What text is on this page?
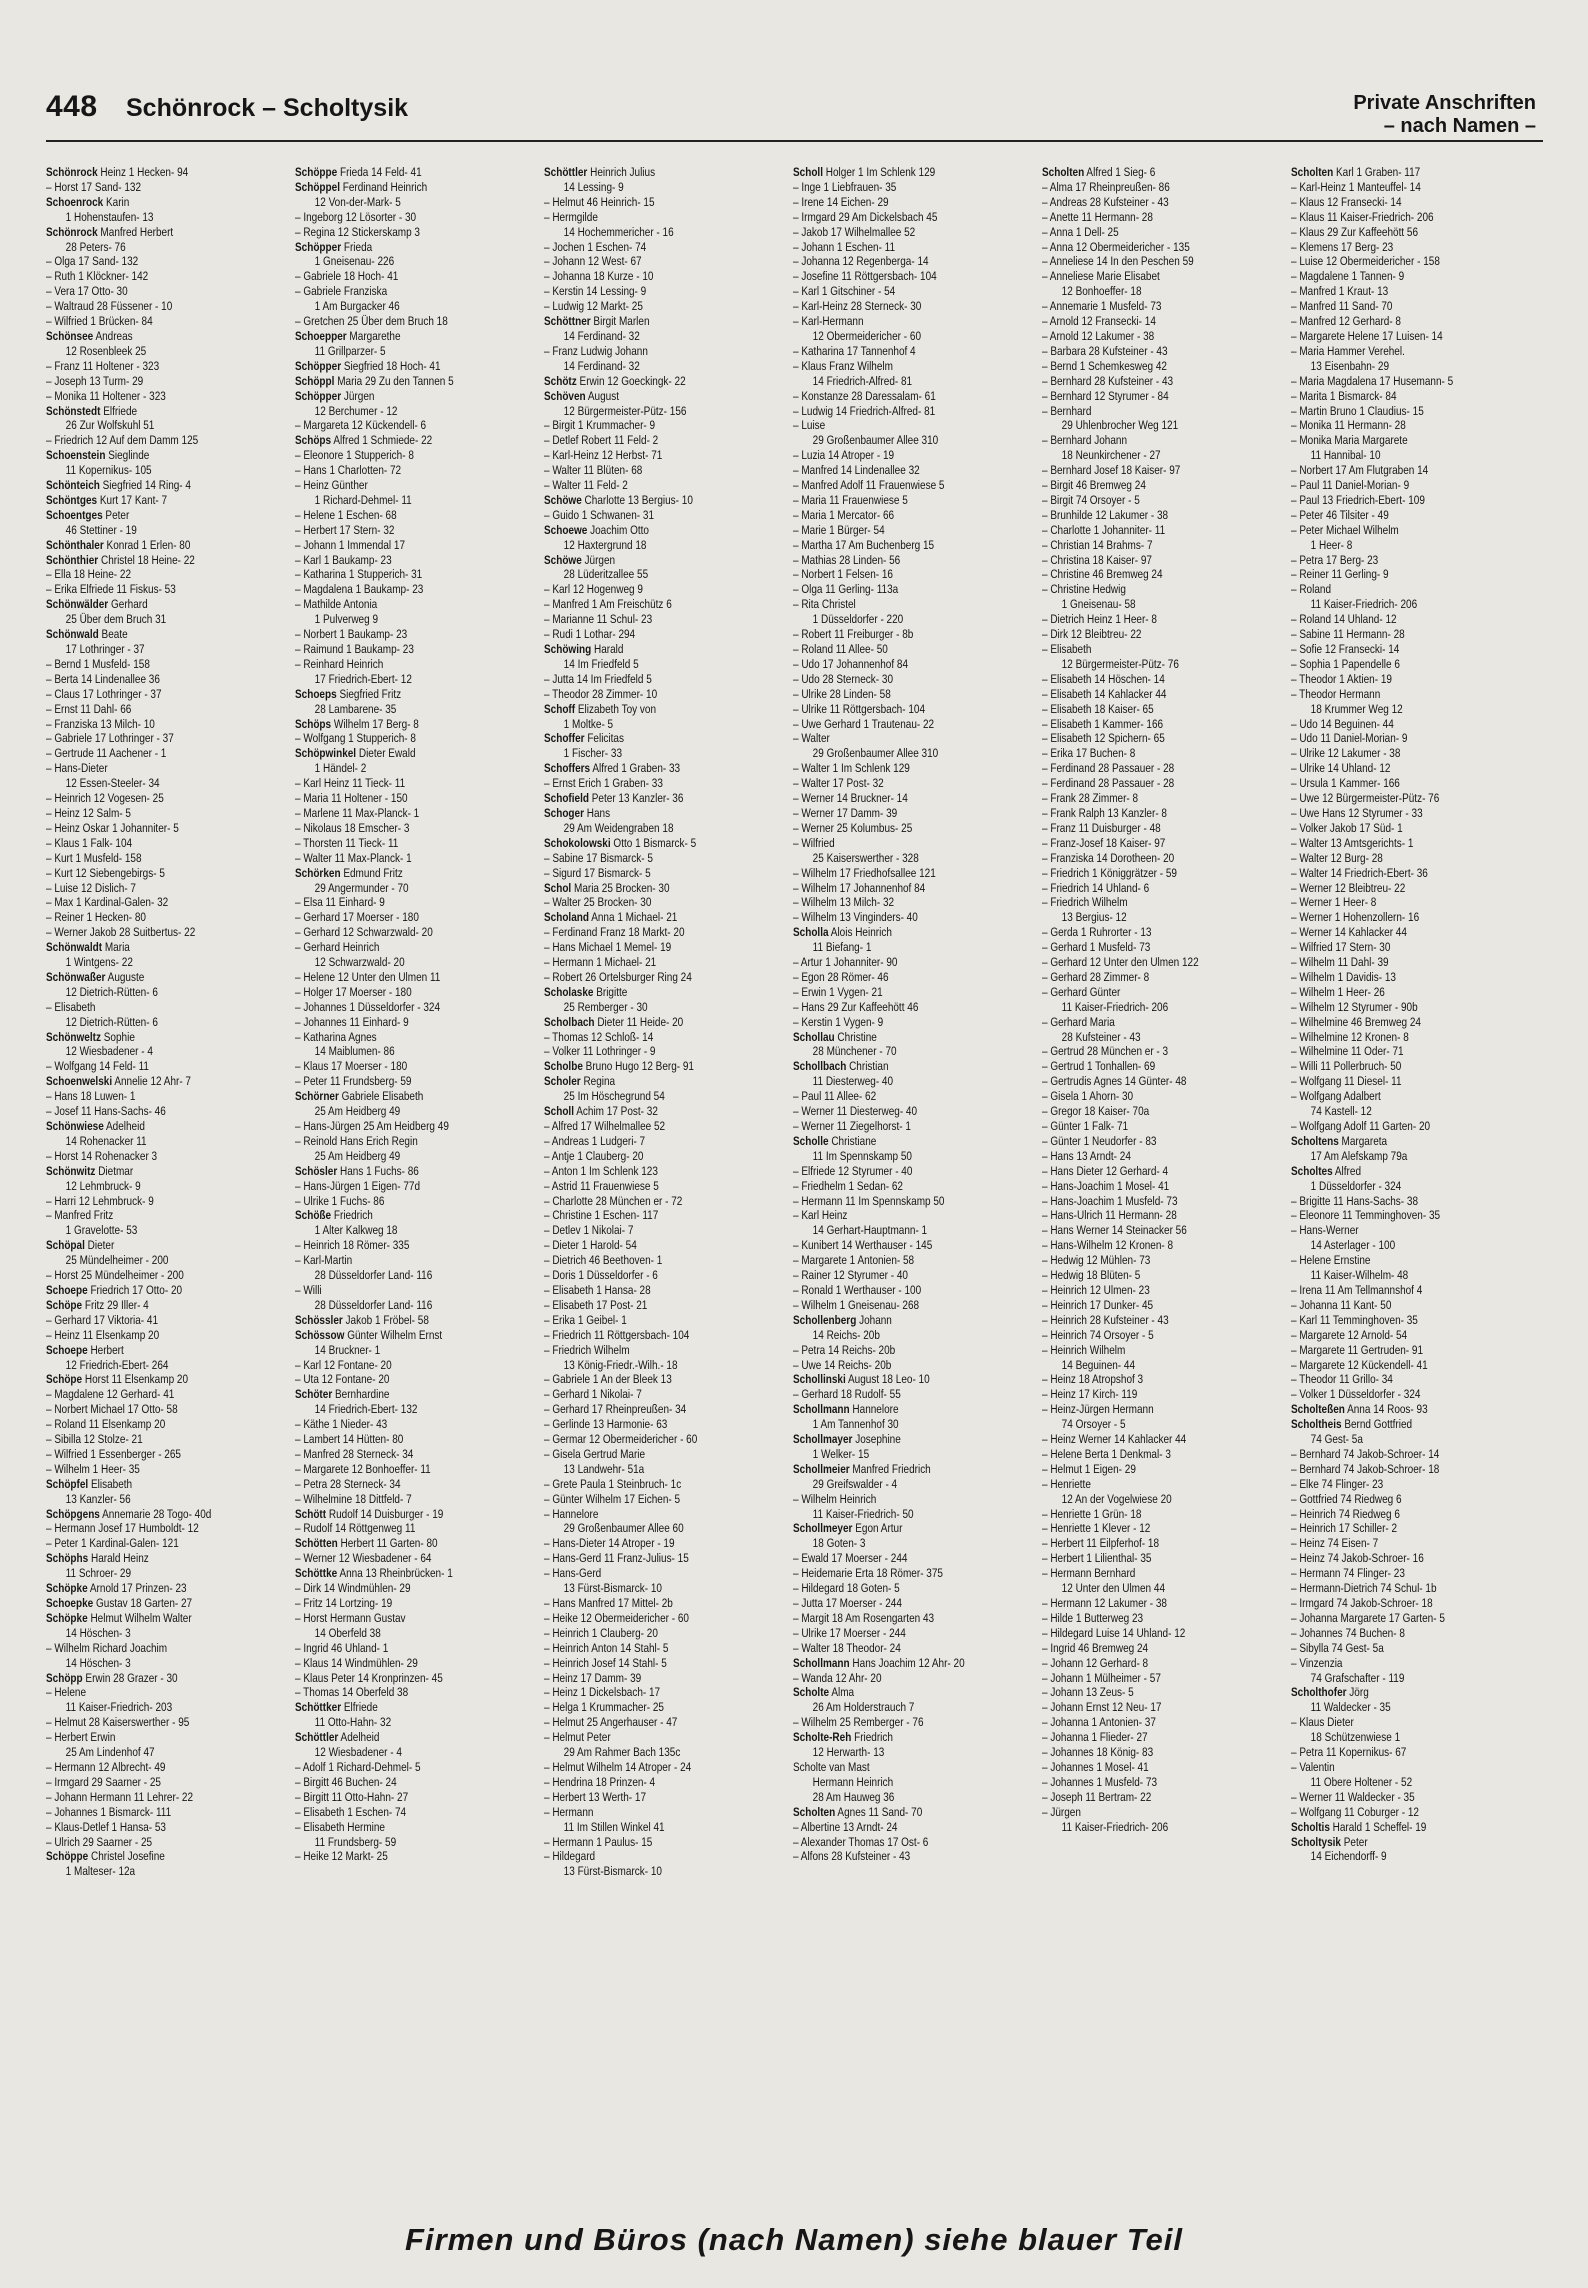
448 Schönrock – Scholtysik	Private Anschriften
– nach Namen –
Schönrock Heinz 1 Hecken- 94
– Horst 17 Sand- 132
Schoenrock Karin
1 Hohenstaufen- 13
Schönrock Manfred Herbert
28 Peters- 76
– Olga 17 Sand- 132
– Ruth 1 Klöckner- 142
– Vera 17 Otto- 30
– Waltraud 28 Füssener - 10
– Wilfried 1 Brücken- 84
Schönsee Andreas
12 Rosenbleek 25
– Franz 11 Holtener - 323
– Joseph 13 Turm- 29
– Monika 11 Holtener - 323
Schönstedt Elfriede
26 Zur Wolfskuhl 51
– Friedrich 12 Auf dem Damm 125
Schoenstein Sieglinde
11 Kopernikus- 105
Schönteich Siegfried 14 Ring- 4
Schöntges Kurt 17 Kant- 7
Schoentges Peter
46 Stettiner - 19
Schönthaler Konrad 1 Erlen- 80
Schönthier Christel 18 Heine- 22
– Ella 18 Heine- 22
– Erika Elfriede 11 Fiskus- 53
Schönwälder Gerhard
25 Über dem Bruch 31
Schönwald Beate
17 Lothringer - 37
– Bernd 1 Musfeld- 158
– Berta 14 Lindenallee 36
– Claus 17 Lothringer - 37
– Ernst 11 Dahl- 66
– Franziska 13 Milch- 10
– Gabriele 17 Lothringer - 37
– Gertrude 11 Aachener - 1
– Hans-Dieter
12 Essen-Steeler- 34
– Heinrich 12 Vogesen- 25
– Heinz 12 Salm- 5
– Heinz Oskar 1 Johanniter- 5
– Klaus 1 Falk- 104
– Kurt 1 Musfeld- 158
– Kurt 12 Siebengebirgs- 5
– Luise 12 Dislich- 7
– Max 1 Kardinal-Galen- 32
– Reiner 1 Hecken- 80
– Werner Jakob 28 Suitbertus- 22
Schönwaldt Maria
1 Wintgens- 22
Schönwaßer Auguste
12 Dietrich-Rütten- 6
– Elisabeth
12 Dietrich-Rütten- 6
Schönweltz Sophie
12 Wiesbadener - 4
– Wolfgang 14 Feld- 11
Schoenwelski Annelie 12 Ahr- 7
– Hans 18 Luwen- 1
– Josef 11 Hans-Sachs- 46
Schönwiese Adelheid
14 Rohenacker 11
– Horst 14 Rohenacker 3
Schönwitz Dietmar
12 Lehmbruck- 9
– Harri 12 Lehmbruck- 9
– Manfred Fritz
1 Gravelotte- 53
Schöpal Dieter
25 Mündelheimer - 200
– Horst 25 Mündelheimer - 200
Schoepe Friedrich 17 Otto- 20
Schöpe Fritz 29 Iller- 4
– Gerhard 17 Viktoria- 41
– Heinz 11 Elsenkamp 20
Schoepe Herbert
12 Friedrich-Ebert- 264
Schöpe Horst 11 Elsenkamp 20
– Magdalene 12 Gerhard- 41
– Norbert Michael 17 Otto- 58
– Roland 11 Elsenkamp 20
– Sibilla 12 Stolze- 21
– Wilfried 1 Essenberger - 265
– Wilhelm 1 Heer- 35
Schöpfel Elisabeth
13 Kanzler- 56
Schöpgens Annemarie 28 Togo- 40d
– Hermann Josef 17 Humboldt- 12
– Peter 1 Kardinal-Galen- 121
Schöphs Harald Heinz
11 Schroer- 29
Schöpke Arnold 17 Prinzen- 23
Schoepke Gustav 18 Garten- 27
Schöpke Helmut Wilhelm Walter
14 Höschen- 3
– Wilhelm Richard Joachim
14 Höschen- 3
Schöpp Erwin 28 Grazer - 30
– Helene
11 Kaiser-Friedrich- 203
– Helmut 28 Kaiserswerther - 95
– Herbert Erwin
25 Am Lindenhof 47
– Hermann 12 Albrecht- 49
– Irmgard 29 Saarner - 25
– Johann Hermann 11 Lehrer- 22
– Johannes 1 Bismarck- 111
– Klaus-Detlef 1 Hansa- 53
– Ulrich 29 Saarner - 25
Schöppe Christel Josefine
1 Malteser- 12a
Schöppe Frieda 14 Feld- 41
Schöppel Ferdinand Heinrich
12 Von-der-Mark- 5
– Ingeborg 12 Lösorter - 30
– Regina 12 Stickerskamp 3
Schöpper Frieda
1 Gneisenau- 226
– Gabriele 18 Hoch- 41
– Gabriele Franziska
1 Am Burgacker 46
– Gretchen 25 Über dem Bruch 18
Schoepper Margarethe
11 Grillparzer- 5
Schöpper Siegfried 18 Hoch- 41
Schöppl Maria 29 Zu den Tannen 5
Schöpper Jürgen
12 Berchumer - 12
– Margareta 12 Kückendell- 6
Schöps Alfred 1 Schmiede- 22
– Eleonore 1 Stupperich- 8
– Hans 1 Charlotten- 72
– Heinz Günther
1 Richard-Dehmel- 11
– Helene 1 Eschen- 68
– Herbert 17 Stern- 32
– Johann 1 Immendal 17
– Karl 1 Baukamp- 23
– Katharina 1 Stupperich- 31
– Magdalena 1 Baukamp- 23
– Mathilde Antonia
1 Pulverweg 9
– Norbert 1 Baukamp- 23
– Raimund 1 Baukamp- 23
– Reinhard Heinrich
17 Friedrich-Ebert- 12
Schoeps Siegfried Fritz
28 Lambarene- 35
Schöps Wilhelm 17 Berg- 8
– Wolfgang 1 Stupperich- 8
Schöpwinkel Dieter Ewald
1 Händel- 2
– Karl Heinz 11 Tieck- 11
– Maria 11 Holtener - 150
– Marlene 11 Max-Planck- 1
– Nikolaus 18 Emscher- 3
– Thorsten 11 Tieck- 11
– Walter 11 Max-Planck- 1
Schörken Edmund Fritz
29 Angermunder - 70
– Elsa 11 Einhard- 9
– Gerhard 17 Moerser - 180
– Gerhard 12 Schwarzwald- 20
– Gerhard Heinrich
12 Schwarzwald- 20
– Helene 12 Unter den Ulmen 11
– Holger 17 Moerser - 180
– Johannes 1 Düsseldorfer - 324
– Johannes 11 Einhard- 9
– Katharina Agnes
14 Maiblumen- 86
– Klaus 17 Moerser - 180
– Peter 11 Frundsberg- 59
Schörner Gabriele Elisabeth
25 Am Heidberg 49
– Hans-Jürgen 25 Am Heidberg 49
– Reinold Hans Erich Regin
25 Am Heidberg 49
Schösler Hans 1 Fuchs- 86
– Hans-Jürgen 1 Eigen- 77d
– Ulrike 1 Fuchs- 86
Schöße Friedrich
1 Alter Kalkweg 18
– Heinrich 18 Römer- 335
– Karl-Martin
28 Düsseldorfer Land- 116
– Willi
28 Düsseldorfer Land- 116
Schössler Jakob 1 Fröbel- 58
Schössow Günter Wilhelm Ernst
14 Bruckner- 1
– Karl 12 Fontane- 20
– Uta 12 Fontane- 20
Schöter Bernhardine
14 Friedrich-Ebert- 132
– Käthe 1 Nieder- 43
– Lambert 14 Hütten- 80
– Manfred 28 Sterneck- 34
– Margarete 12 Bonhoeffer- 11
– Petra 28 Sterneck- 34
– Wilhelmine 18 Dittfeld- 7
Schött Rudolf 14 Duisburger - 19
– Rudolf 14 Röttgenweg 11
Schötten Herbert 11 Garten- 80
– Werner 12 Wiesbadener - 64
Schöttke Anna 13 Rheinbrücken- 1
– Dirk 14 Windmühlen- 29
– Fritz 14 Lortzing- 19
– Horst Hermann Gustav
14 Oberfeld 38
– Ingrid 46 Uhland- 1
– Klaus 14 Windmühlen- 29
– Klaus Peter 14 Kronprinzen- 45
– Thomas 14 Oberfeld 38
Schöttker Elfriede
11 Otto-Hahn- 32
Schöttler Adelheid
12 Wiesbadener - 4
– Adolf 1 Richard-Dehmel- 5
– Birgitt 46 Buchen- 24
– Birgitt 11 Otto-Hahn- 27
– Elisabeth 1 Eschen- 74
– Elisabeth Hermine
11 Frundsberg- 59
– Heike 12 Markt- 25
Schöttler Heinrich Julius
14 Lessing- 9
– Helmut 46 Heinrich- 15
– Hermgilde
14 Hochemmericher - 16
– Jochen 1 Eschen- 74
– Johann 12 West- 67
– Johanna 18 Kurze - 10
– Kerstin 14 Lessing- 9
– Ludwig 12 Markt- 25
Schöttner Birgit Marlen
14 Ferdinand- 32
– Franz Ludwig Johann
14 Ferdinand- 32
Schötz Erwin 12 Goeckingk- 22
Schöven August
12 Bürgermeister-Pütz- 156
– Birgit 1 Krummacher- 9
– Detlef Robert 11 Feld- 2
– Karl-Heinz 12 Herbst- 71
– Walter 11 Blüten- 68
– Walter 11 Feld- 2
Schöwe Charlotte 13 Bergius- 10
– Guido 1 Schwanen- 31
Schoewe Joachim Otto
12 Haxtergrund 18
Schöwe Jürgen
28 Lüderitzallee 55
– Karl 12 Hogenweg 9
– Manfred 1 Am Freischütz 6
– Marianne 11 Schul- 23
– Rudi 1 Lothar- 294
Schöwing Harald
14 Im Friedfeld 5
– Jutta 14 Im Friedfeld 5
– Theodor 28 Zimmer- 10
Schoff Elizabeth Toy von
1 Moltke- 5
Schoffer Felicitas
1 Fischer- 33
Schoffers Alfred 1 Graben- 33
– Ernst Erich 1 Graben- 33
Schofield Peter 13 Kanzler- 36
Schoger Hans
29 Am Weidengraben 18
Schokolowski Otto 1 Bismarck- 5
– Sabine 17 Bismarck- 5
– Sigurd 17 Bismarck- 5
Schol Maria 25 Brocken- 30
– Walter 25 Brocken- 30
Scholand Anna 1 Michael- 21
– Ferdinand Franz 18 Markt- 20
– Hans Michael 1 Memel- 19
– Hermann 1 Michael- 21
– Robert 26 Ortelsburger Ring 24
Scholaske Brigitte
25 Remberger - 30
Scholbach Dieter 11 Heide- 20
– Thomas 12 Schloß- 14
– Volker 11 Lothringer - 9
Scholbe Bruno Hugo 12 Berg- 91
Scholer Regina
25 Im Höschegrund 54
Scholl Achim 17 Post- 32
– Alfred 17 Wilhelmallee 52
– Andreas 1 Ludgeri- 7
– Antje 1 Clauberg- 20
– Anton 1 Im Schlenk 123
– Astrid 11 Frauenwiese 5
– Charlotte 28 München er - 72
– Christine 1 Eschen- 117
– Detlev 1 Nikolai- 7
– Dieter 1 Harold- 54
– Dietrich 46 Beethoven- 1
– Doris 1 Düsseldorfer - 6
– Elisabeth 1 Hansa- 28
– Elisabeth 17 Post- 21
– Erika 1 Geibel- 1
– Friedrich 11 Röttgersbach- 104
– Friedrich Wilhelm
13 König-Friedr.-Wilh.- 18
– Gabriele 1 An der Bleek 13
– Gerhard 1 Nikolai- 7
– Gerhard 17 Rheinpreußen- 34
– Gerlinde 13 Harmonie- 63
– Germar 12 Obermeidericher - 60
– Gisela Gertrud Marie
13 Landwehr- 51a
– Grete Paula 1 Steinbruch- 1c
– Günter Wilhelm 17 Eichen- 5
– Hannelore
29 Großenbaumer Allee 60
– Hans-Dieter 14 Atroper - 19
– Hans-Gerd 11 Franz-Julius- 15
– Hans-Gerd
13 Fürst-Bismarck- 10
– Hans Manfred 17 Mittel- 2b
– Heike 12 Obermeidericher - 60
– Heinrich 1 Clauberg- 20
– Heinrich Anton 14 Stahl- 5
– Heinrich Josef 14 Stahl- 5
– Heinz 17 Damm- 39
– Heinz 1 Dickelsbach- 17
– Helga 1 Krummacher- 25
– Helmut 25 Angerhauser - 47
– Helmut Peter
29 Am Rahmer Bach 135c
– Helmut Wilhelm 14 Atroper - 24
– Hendrina 18 Prinzen- 4
– Herbert 13 Werth- 17
– Hermann
11 Im Stillen Winkel 41
– Hermann 1 Paulus- 15
– Hildegard
13 Fürst-Bismarck- 10
Scholl Holger 1 Im Schlenk 129
– Inge 1 Liebfrauen- 35
– Irene 14 Eichen- 29
– Irmgard 29 Am Dickelsbach 45
– Jakob 17 Wilhelmallee 52
– Johann 1 Eschen- 11
– Johanna 12 Regenberga- 14
– Josefine 11 Röttgersbach- 104
– Karl 1 Gitschiner - 54
– Karl-Heinz 28 Sterneck- 30
– Karl-Hermann
12 Obermeidericher - 60
– Katharina 17 Tannenhof 4
– Klaus Franz Wilhelm
14 Friedrich-Alfred- 81
– Konstanze 28 Daressalam- 61
– Ludwig 14 Friedrich-Alfred- 81
– Luise
29 Großenbaumer Allee 310
– Luzia 14 Atroper - 19
– Manfred 14 Lindenallee 32
– Manfred Adolf 11 Frauenwiese 5
– Maria 11 Frauenwiese 5
– Maria 1 Mercator- 66
– Marie 1 Bürger- 54
– Martha 17 Am Buchenberg 15
– Mathias 28 Linden- 56
– Norbert 1 Felsen- 16
– Olga 11 Gerling- 113a
– Rita Christel
1 Düsseldorfer - 220
– Robert 11 Freiburger - 8b
– Roland 11 Allee- 50
– Udo 17 Johannenhof 84
– Udo 28 Sterneck- 30
– Ulrike 28 Linden- 58
– Ulrike 11 Röttgersbach- 104
– Uwe Gerhard 1 Trautenau- 22
– Walter
29 Großenbaumer Allee 310
– Walter 1 Im Schlenk 129
– Walter 17 Post- 32
– Werner 14 Bruckner- 14
– Werner 17 Damm- 39
– Werner 25 Kolumbus- 25
– Wilfried
25 Kaiserswerther - 328
– Wilhelm 17 Friedhofsallee 121
– Wilhelm 17 Johannenhof 84
– Wilhelm 13 Milch- 32
– Wilhelm 13 Vinginders- 40
Scholla Alois Heinrich
11 Biefang- 1
– Artur 1 Johanniter- 90
– Egon 28 Römer- 46
– Erwin 1 Vygen- 21
– Hans 29 Zur Kaffeehött 46
– Kerstin 1 Vygen- 9
Schollau Christine
28 Münchener - 70
Schollbach Christian
11 Diesterweg- 40
– Paul 11 Allee- 62
– Werner 11 Diesterweg- 40
– Werner 11 Ziegelhorst- 1
Scholle Christiane
11 Im Spennskamp 50
– Elfriede 12 Styrumer - 40
– Friedhelm 1 Sedan- 62
– Hermann 11 Im Spennskamp 50
– Karl Heinz
14 Gerhart-Hauptmann- 1
– Kunibert 14 Werthauser - 145
– Margarete 1 Antonien- 58
– Rainer 12 Styrumer - 40
– Ronald 1 Werthauser - 100
– Wilhelm 1 Gneisenau- 268
Schollenberg Johann
14 Reichs- 20b
– Petra 14 Reichs- 20b
– Uwe 14 Reichs- 20b
Schollinski August 18 Leo- 10
– Gerhard 18 Rudolf- 55
Schollmann Hannelore
1 Am Tannenhof 30
Schollmayer Josephine
1 Welker- 15
Schollmeier Manfred Friedrich
29 Greifswalder - 4
– Wilhelm Heinrich
11 Kaiser-Friedrich- 50
Schollmeyer Egon Artur
18 Goten- 3
– Ewald 17 Moerser - 244
– Heidemarie Erta 18 Römer- 375
– Hildegard 18 Goten- 5
– Jutta 17 Moerser - 244
– Margit 18 Am Rosengarten 43
– Ulrike 17 Moerser - 244
– Walter 18 Theodor- 24
Schollmann Hans Joachim 12 Ahr- 20
– Wanda 12 Ahr- 20
Scholte Alma
26 Am Holderstrauch 7
– Wilhelm 25 Remberger - 76
Scholte-Reh Friedrich
12 Herwarth- 13
Scholte van Mast
Hermann Heinrich
28 Am Hauweg 36
Scholten Agnes 11 Sand- 70
– Albertine 13 Arndt- 24
– Alexander Thomas 17 Ost- 6
– Alfons 28 Kufsteiner - 43
Scholten Alfred 1 Sieg- 6
– Alma 17 Rheinpreußen- 86
– Andreas 28 Kufsteiner - 43
– Anette 11 Hermann- 28
– Anna 1 Dell- 25
– Anna 12 Obermeidericher - 135
– Anneliese 14 In den Peschen 59
– Anneliese Marie Elisabet
12 Bonhoeffer- 18
– Annemarie 1 Musfeld- 73
– Arnold 12 Fransecki- 14
– Arnold 12 Lakumer - 38
– Barbara 28 Kufsteiner - 43
– Bernd 1 Schemkesweg 42
– Bernhard 28 Kufsteiner - 43
– Bernhard 12 Styrumer - 84
– Bernhard
29 Uhlenbrocher Weg 121
– Bernhard Johann
18 Neunkirchener - 27
– Bernhard Josef 18 Kaiser- 97
– Birgit 46 Bremweg 24
– Birgit 74 Orsoyer - 5
– Brunhilde 12 Lakumer - 38
– Charlotte 1 Johanniter- 11
– Christian 14 Brahms- 7
– Christina 18 Kaiser- 97
– Christine 46 Bremweg 24
– Christine Hedwig
1 Gneisenau- 58
– Dietrich Heinz 1 Heer- 8
– Dirk 12 Bleibtreu- 22
– Elisabeth
12 Bürgermeister-Pütz- 76
– Elisabeth 14 Höschen- 14
– Elisabeth 14 Kahlacker 44
– Elisabeth 18 Kaiser- 65
– Elisabeth 1 Kammer- 166
– Elisabeth 12 Spichern- 65
– Erika 17 Buchen- 8
– Ferdinand 28 Passauer - 28
– Ferdinand 28 Passauer - 28
– Frank 28 Zimmer- 8
– Frank Ralph 13 Kanzler- 8
– Franz 11 Duisburger - 48
– Franz-Josef 18 Kaiser- 97
– Franziska 14 Dorotheen- 20
– Friedrich 1 Königgrätzer - 59
– Friedrich 14 Uhland- 6
– Friedrich Wilhelm
13 Bergius- 12
– Gerda 1 Ruhrorter - 13
– Gerhard 1 Musfeld- 73
– Gerhard 12 Unter den Ulmen 122
– Gerhard 28 Zimmer- 8
– Gerhard Günter
11 Kaiser-Friedrich- 206
– Gerhard Maria
28 Kufsteiner - 43
– Gertrud 28 München er - 3
– Gertrud 1 Tonhallen- 69
– Gertrudis Agnes 14 Günter- 48
– Gisela 1 Ahorn- 30
– Gregor 18 Kaiser- 70a
– Günter 1 Falk- 71
– Günter 1 Neudorfer - 83
– Hans 13 Arndt- 24
– Hans Dieter 12 Gerhard- 4
– Hans-Joachim 1 Mosel- 41
– Hans-Joachim 1 Musfeld- 73
– Hans-Ulrich 11 Hermann- 28
– Hans Werner 14 Steinacker 56
– Hans-Wilhelm 12 Kronen- 8
– Hedwig 12 Mühlen- 73
– Hedwig 18 Blüten- 5
– Heinrich 12 Ulmen- 23
– Heinrich 17 Dunker- 45
– Heinrich 28 Kufsteiner - 43
– Heinrich 74 Orsoyer - 5
– Heinrich Wilhelm
14 Beguinen- 44
– Heinz 18 Atropshof 3
– Heinz 17 Kirch- 119
– Heinz-Jürgen Hermann
74 Orsoyer - 5
– Heinz Werner 14 Kahlacker 44
– Helene Berta 1 Denkmal- 3
– Helmut 1 Eigen- 29
– Henriette
12 An der Vogelwiese 20
– Henriette 1 Grün- 18
– Henriette 1 Klever - 12
– Herbert 11 Eilpferhof- 18
– Herbert 1 Lilienthal- 35
– Hermann Bernhard
12 Unter den Ulmen 44
– Hermann 12 Lakumer - 38
– Hilde 1 Butterweg 23
– Hildegard Luise 14 Uhland- 12
– Ingrid 46 Bremweg 24
– Johann 12 Gerhard- 8
– Johann 1 Mülheimer - 57
– Johann 13 Zeus- 5
– Johann Ernst 12 Neu- 17
– Johanna 1 Antonien- 37
– Johanna 1 Flieder- 27
– Johannes 18 König- 83
– Johannes 1 Mosel- 41
– Johannes 1 Musfeld- 73
– Joseph 11 Bertram- 22
– Jürgen
11 Kaiser-Friedrich- 206
Scholten Karl 1 Graben- 117
– Karl-Heinz 1 Manteuffel- 14
– Klaus 12 Fransecki- 14
– Klaus 11 Kaiser-Friedrich- 206
– Klaus 29 Zur Kaffeehött 56
– Klemens 17 Berg- 23
– Luise 12 Obermeidericher - 158
– Magdalene 1 Tannen- 9
– Manfred 1 Kraut- 13
– Manfred 11 Sand- 70
– Manfred 12 Gerhard- 8
– Margarete Helene 17 Luisen- 14
– Maria Hammer Verehel.
13 Eisenbahn- 29
– Maria Magdalena 17 Husemann- 5
– Marita 1 Bismarck- 84
– Martin Bruno 1 Claudius- 15
– Monika 11 Hermann- 28
– Monika Maria Margarete
11 Hannibal- 10
– Norbert 17 Am Flutgraben 14
– Paul 11 Daniel-Morian- 9
– Paul 13 Friedrich-Ebert- 109
– Peter 46 Tilsiter - 49
– Peter Michael Wilhelm
1 Heer- 8
– Petra 17 Berg- 23
– Reiner 11 Gerling- 9
– Roland
11 Kaiser-Friedrich- 206
– Roland 14 Uhland- 12
– Sabine 11 Hermann- 28
– Sofie 12 Fransecki- 14
– Sophia 1 Papendelle 6
– Theodor 1 Aktien- 19
– Theodor Hermann
18 Krummer Weg 12
– Udo 14 Beguinen- 44
– Udo 11 Daniel-Morian- 9
– Ulrike 12 Lakumer - 38
– Ulrike 14 Uhland- 12
– Ursula 1 Kammer- 166
– Uwe 12 Bürgermeister-Pütz- 76
– Uwe Hans 12 Styrumer - 33
– Volker Jakob 17 Süd- 1
– Walter 13 Amtsgerichts- 1
– Walter 12 Burg- 28
– Walter 14 Friedrich-Ebert- 36
– Werner 12 Bleibtreu- 22
– Werner 1 Heer- 8
– Werner 1 Hohenzollern- 16
– Werner 14 Kahlacker 44
– Wilfried 17 Stern- 30
– Wilhelm 11 Dahl- 39
– Wilhelm 1 Davidis- 13
– Wilhelm 1 Heer- 26
– Wilhelm 12 Styrumer - 90b
– Wilhelmine 46 Bremweg 24
– Wilhelmine 12 Kronen- 8
– Wilhelmine 11 Oder- 71
– Willi 11 Pollerbruch- 50
– Wolfgang 11 Diesel- 11
– Wolfgang Adalbert
74 Kastell- 12
– Wolfgang Adolf 11 Garten- 20
Scholtens Margareta
17 Am Alefskamp 79a
Scholtes Alfred
1 Düsseldorfer - 324
– Brigitte 11 Hans-Sachs- 38
– Eleonore 11 Temminghoven- 35
– Hans-Werner
14 Asterlager - 100
– Helene Ernstine
11 Kaiser-Wilhelm- 48
– Irena 11 Am Tellmannshof 4
– Johanna 11 Kant- 50
– Karl 11 Temminghoven- 35
– Margarete 12 Arnold- 54
– Margarete 11 Gertruden- 91
– Margarete 12 Kückendell- 41
– Theodor 11 Grillo- 34
– Volker 1 Düsseldorfer - 324
Scholteßen Anna 14 Roos- 93
Scholtheis Bernd Gottfried
74 Gest- 5a
– Bernhard 74 Jakob-Schroer- 14
– Bernhard 74 Jakob-Schroer- 18
– Elke 74 Flinger- 23
– Gottfried 74 Riedweg 6
– Heinrich 74 Riedweg 6
– Heinrich 17 Schiller- 2
– Heinz 74 Eisen- 7
– Heinz 74 Jakob-Schroer- 16
– Hermann 74 Flinger- 23
– Hermann-Dietrich 74 Schul- 1b
– Irmgard 74 Jakob-Schroer- 18
– Johanna Margarete 17 Garten- 5
– Johannes 74 Buchen- 8
– Sibylla 74 Gest- 5a
– Vinzenzia
74 Grafschafter - 119
Scholthofer Jörg
11 Waldecker - 35
– Klaus Dieter
18 Schützenwiese 1
– Petra 11 Kopernikus- 67
– Valentin
11 Obere Holtener - 52
– Werner 11 Waldecker - 35
– Wolfgang 11 Coburger - 12
Scholtis Harald 1 Scheffel- 19
Scholtysik Peter
14 Eichendorff- 9
Firmen und Büros (nach Namen) siehe blauer Teil
